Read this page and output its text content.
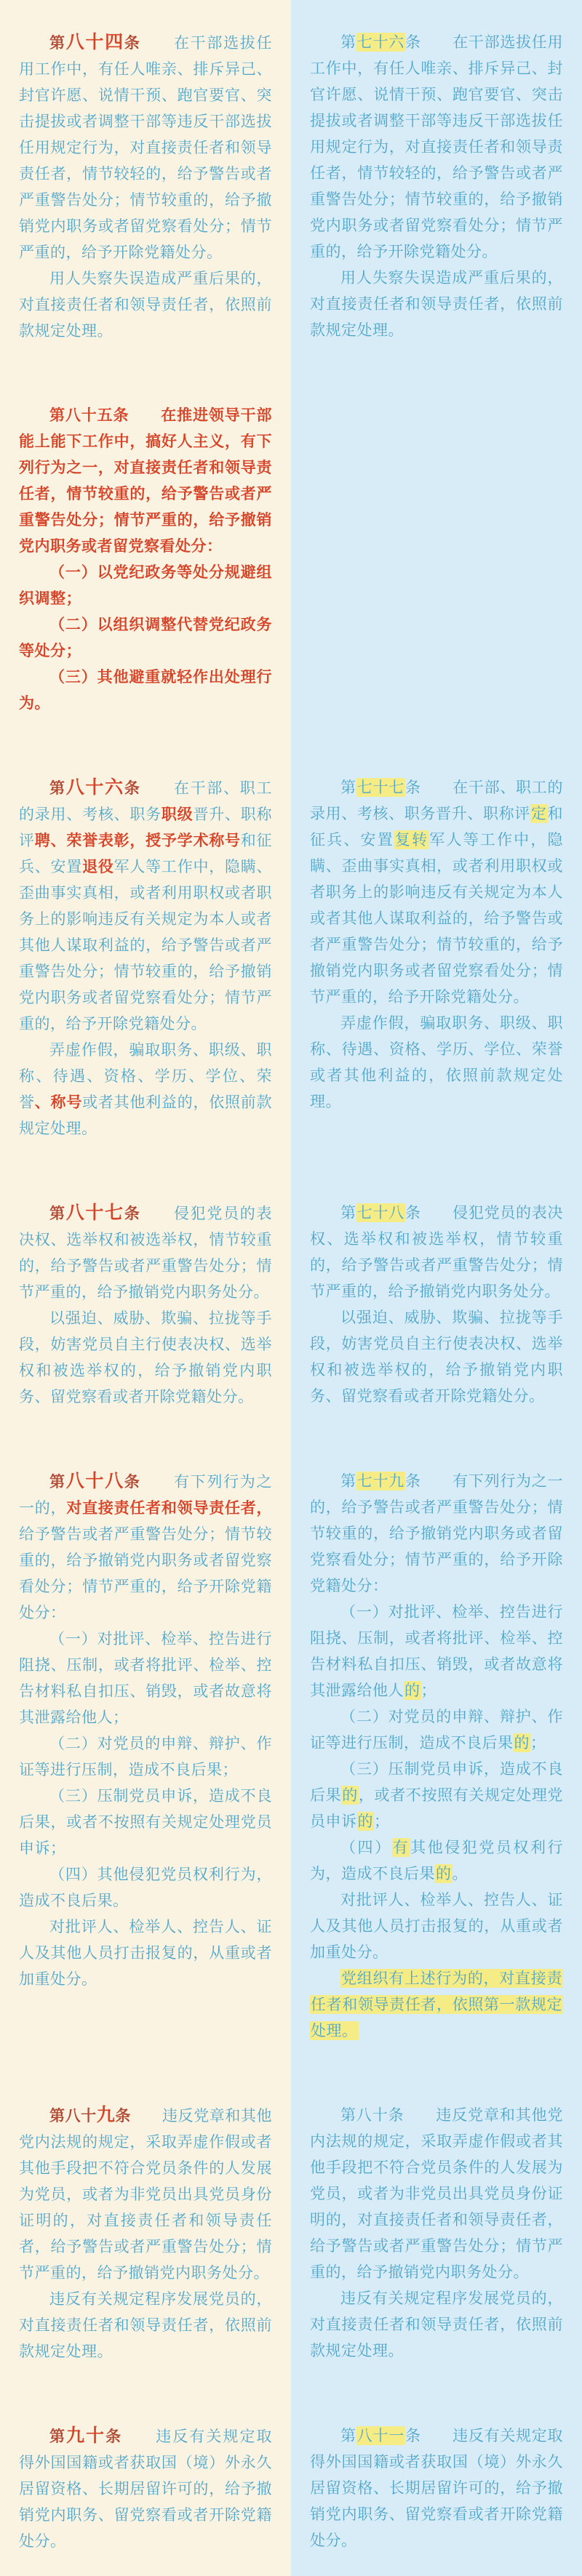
第八十四条　　在干部选拔任用工作中，有任人唯亲、排斥异己、封官许愿、说情干预、跑官要官、突击提拔或者调整干部等违反干部选拔任用规定行为，对直接责任者和领导责任者，情节较轻的，给予警告或者严重警告处分；情节较重的，给予撤销党内职务或者留党察看处分；情节严重的，给予开除党籍处分。

用人失察失误造成严重后果的，对直接责任者和领导责任者，依照前款规定处理。

第七十六条　　在干部选拔任用工作中，有任人唯亲、排斥异己、封官许愿、说情干预、跑官要官、突击提拔或者调整干部等违反干部选拔任用规定行为，对直接责任者和领导责任者，情节较轻的，给予警告或者严重警告处分；情节较重的，给予撤销党内职务或者留党察看处分；情节严重的，给予开除党籍处分。

用人失察失误造成严重后果的，对直接责任者和领导责任者，依照前款规定处理。

第八十五条　　在推进领导干部能上能下工作中，搞好人主义，有下列行为之一，对直接责任者和领导责任者，情节较重的，给予警告或者严重警告处分；情节严重的，给予撤销党内职务或者留党察看处分：

（一）以党纪政务等处分规避组织调整；

（二）以组织调整代替党纪政务等处分；

（三）其他避重就轻作出处理行为。

第八十六条　　在干部、职工的录用、考核、职务职级晋升、职称评聘、荣誉表彰，授予学术称号和征兵、安置退役军人等工作中，隐瞒、歪曲事实真相，或者利用职权或者职务上的影响违反有关规定为本人或者其他人谋取利益的，给予警告或者严重警告处分；情节较重的，给予撤销党内职务或者留党察看处分；情节严重的，给予开除党籍处分。

弄虚作假，骗取职务、职级、职称、待遇、资格、学历、学位、荣誉、称号或者其他利益的，依照前款规定处理。

第七十七条　　在干部、职工的录用、考核、职务晋升、职称评定和征兵、安置复转军人等工作中，隐瞒、歪曲事实真相，或者利用职权或者职务上的影响违反有关规定为本人或者其他人谋取利益的，给予警告或者严重警告处分；情节较重的，给予撤销党内职务或者留党察看处分；情节严重的，给予开除党籍处分。

弄虚作假，骗取职务、职级、职称、待遇、资格、学历、学位、荣誉或者其他利益的，依照前款规定处理。

第八十七条　　侵犯党员的表决权、选举权和被选举权，情节较重的，给予警告或者严重警告处分；情节严重的，给予撤销党内职务处分。

以强迫、威胁、欺骗、拉拢等手段，妨害党员自主行使表决权、选举权和被选举权的，给予撤销党内职务、留党察看或者开除党籍处分。

第七十八条　　侵犯党员的表决权、选举权和被选举权，情节较重的，给予警告或者严重警告处分；情节严重的，给予撤销党内职务处分。

以强迫、威胁、欺骗、拉拢等手段，妨害党员自主行使表决权、选举权和被选举权的，给予撤销党内职务、留党察看或者开除党籍处分。

第八十八条　　有下列行为之一的，对直接责任者和领导责任者，给予警告或者严重警告处分；情节较重的，给予撤销党内职务或者留党察看处分；情节严重的，给予开除党籍处分：

（一）对批评、检举、控告进行阻挠、压制，或者将批评、检举、控告材料私自扣压、销毁，或者故意将其泄露给他人；

（二）对党员的申辩、辩护、作证等进行压制，造成不良后果；

（三）压制党员申诉，造成不良后果，或者不按照有关规定处理党员申诉；

（四）其他侵犯党员权利行为，造成不良后果。

对批评人、检举人、控告人、证人及其他人员打击报复的，从重或者加重处分。

第七十九条　　有下列行为之一的，给予警告或者严重警告处分；情节较重的，给予撤销党内职务或者留党察看处分；情节严重的，给予开除党籍处分：

（一）对批评、检举、控告进行阻挠、压制，或者将批评、检举、控告材料私自扣压、销毁，或者故意将其泄露给他人的；

（二）对党员的申辩、辩护、作证等进行压制，造成不良后果的；

（三）压制党员申诉，造成不良后果的，或者不按照有关规定处理党员申诉的；

（四）有其他侵犯党员权利行为，造成不良后果的。

对批评人、检举人、控告人、证人及其他人员打击报复的，从重或者加重处分。

党组织有上述行为的，对直接责任者和领导责任者，依照第一款规定处理。

第八十九条　　违反党章和其他党内法规的规定，采取弄虚作假或者其他手段把不符合党员条件的人发展为党员，或者为非党员出具党员身份证明的，对直接责任者和领导责任者，给予警告或者严重警告处分；情节严重的，给予撤销党内职务处分。

违反有关规定程序发展党员的，对直接责任者和领导责任者，依照前款规定处理。

第八十条　　违反党章和其他党内法规的规定，采取弄虚作假或者其他手段把不符合党员条件的人发展为党员，或者为非党员出具党员身份证明的，对直接责任者和领导责任者，给予警告或者严重警告处分；情节严重的，给予撤销党内职务处分。

违反有关规定程序发展党员的，对直接责任者和领导责任者，依照前款规定处理。

第九十条　　违反有关规定取得外国国籍或者获取国（境）外永久居留资格、长期居留许可的，给予撤销党内职务、留党察看或者开除党籍处分。

第八十一条　　违反有关规定取得外国国籍或者获取国（境）外永久居留资格、长期居留许可的，给予撤销党内职务、留党察看或者开除党籍处分。
